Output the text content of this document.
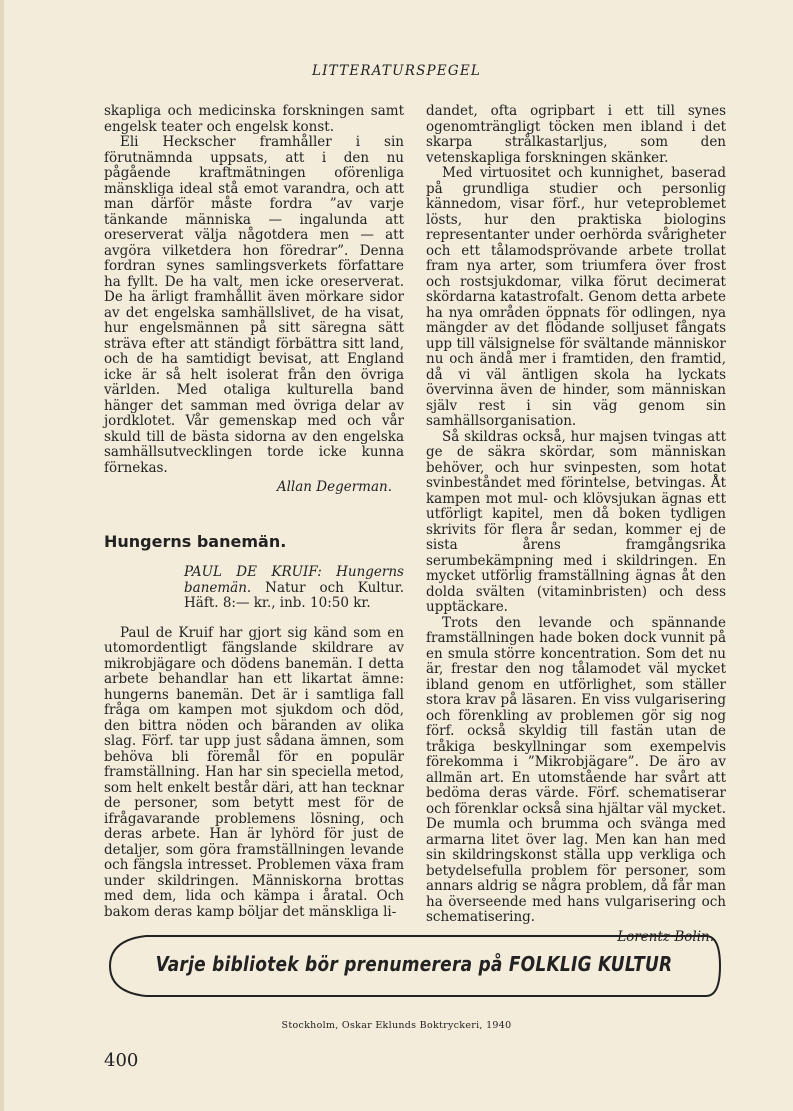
LITTERATURSPEGEL

skapliga och medicinska forskningen samt engelsk teater och engelsk konst.

Eli Heckscher framhåller i sin förutnämnda uppsats, att i den nu pågående kraftmätningen oförenliga mänskliga ideal stå emot varandra, och att man därför måste fordra ”av varje tänkande människa — ingalunda att oreserverat välja någotdera men — att avgöra vilketdera hon föredrar”. Denna fordran synes samlingsverkets författare ha fyllt. De ha valt, men icke oreserverat. De ha ärligt framhållit även mörkare sidor av det engelska samhällslivet, de ha visat, hur engelsmännen på sitt säregna sätt sträva efter att ständigt förbättra sitt land, och de ha samtidigt bevisat, att England icke är så helt isolerat från den övriga världen. Med otaliga kulturella band hänger det samman med övriga delar av jordklotet. Vår gemenskap med och vår skuld till de bästa sidorna av den engelska samhällsutvecklingen torde icke kunna förnekas.

Allan Degerman.

Hungerns banemän.

PAUL DE KRUIF: Hungerns banemän. Natur och Kultur. Häft. 8:— kr., inb. 10:50 kr.

Paul de Kruif har gjort sig känd som en utomordentligt fängslande skildrare av mikrobjägare och dödens banemän. I detta arbete behandlar han ett likartat ämne: hungerns banemän. Det är i samtliga fall fråga om kampen mot sjukdom och död, den bittra nöden och bäranden av olika slag. Förf. tar upp just sådana ämnen, som behöva bli föremål för en populär framställning. Han har sin speciella metod, som helt enkelt består däri, att han tecknar de personer, som betytt mest för de ifrågavarande problemens lösning, och deras arbete. Han är lyhörd för just de detaljer, som göra framställningen levande och fängsla intresset. Problemen växa fram under skildringen. Människorna brottas med dem, lida och kämpa i åratal. Och bakom deras kamp böljar det mänskliga li-

dandet, ofta ogripbart i ett till synes ogenomträngligt töcken men ibland i det skarpa strålkastarljus, som den vetenskapliga forskningen skänker.

Med virtuositet och kunnighet, baserad på grundliga studier och personlig kännedom, visar förf., hur veteproblemet lösts, hur den praktiska biologins representanter under oerhörda svårigheter och ett tålamodsprövande arbete trollat fram nya arter, som triumfera över frost och rostsjukdomar, vilka förut decimerat skördarna katastrofalt. Genom detta arbete ha nya områden öppnats för odlingen, nya mängder av det flödande solljuset fångats upp till välsignelse för svältande människor nu och ändå mer i framtiden, den framtid, då vi väl äntligen skola ha lyckats övervinna även de hinder, som människan själv rest i sin väg genom sin samhällsorganisation.

Så skildras också, hur majsen tvingas att ge de säkra skördar, som människan behöver, och hur svinpesten, som hotat svinbeståndet med förintelse, betvingas. Åt kampen mot mul- och klövsjukan ägnas ett utförligt kapitel, men då boken tydligen skrivits för flera år sedan, kommer ej de sista årens framgångsrika serumbekämpning med i skildringen. En mycket utförlig framställning ägnas åt den dolda svälten (vitaminbristen) och dess upptäckare.

Trots den levande och spännande framställningen hade boken dock vunnit på en smula större koncentration. Som det nu är, frestar den nog tålamodet väl mycket ibland genom en utförlighet, som ställer stora krav på läsaren. En viss vulgarisering och förenkling av problemen gör sig nog förf. också skyldig till fastän utan de tråkiga beskyllningar som exempelvis förekomma i ”Mikrobjägare”. De äro av allmän art. En utomstående har svårt att bedöma deras värde. Förf. schematiserar och förenklar också sina hjältar väl mycket. De mumla och brumma och svänga med armarna litet över lag. Men kan han med sin skildringskonst ställa upp verkliga och betydelsefulla problem för personer, som annars aldrig se några problem, då får man ha överseende med hans vulgarisering och schematisering.

Lorentz Bolin.

Varje bibliotek bör prenumerera på FOLKLIG KULTUR
Stockholm, Oskar Eklunds Boktryckeri, 1940
400
